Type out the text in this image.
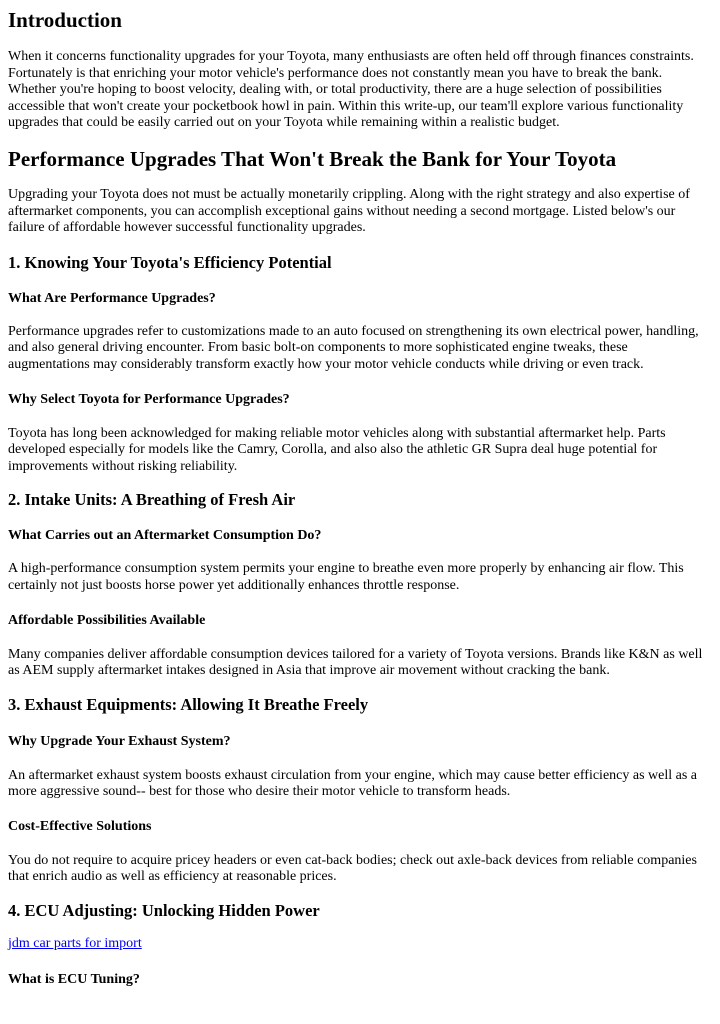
Introduction

When it concerns functionality upgrades for your Toyota, many enthusiasts are often held off through finances constraints. Fortunately is that enriching your motor vehicle's performance does not constantly mean you have to break the bank. Whether you're hoping to boost velocity, dealing with, or total productivity, there are a huge selection of possibilities accessible that won't create your pocketbook howl in pain. Within this write-up, our team'll explore various functionality upgrades that could be easily carried out on your Toyota while remaining within a realistic budget.

Performance Upgrades That Won't Break the Bank for Your Toyota

Upgrading your Toyota does not must be actually monetarily crippling. Along with the right strategy and also expertise of aftermarket components, you can accomplish exceptional gains without needing a second mortgage. Listed below's our failure of affordable however successful functionality upgrades.

1. Knowing Your Toyota's Efficiency Potential
What Are Performance Upgrades?

Performance upgrades refer to customizations made to an auto focused on strengthening its own electrical power, handling, and also general driving encounter. From basic bolt-on components to more sophisticated engine tweaks, these augmentations may considerably transform exactly how your motor vehicle conducts while driving or even track.

Why Select Toyota for Performance Upgrades?

Toyota has long been acknowledged for making reliable motor vehicles along with substantial aftermarket help. Parts developed especially for models like the Camry, Corolla, and also also the athletic GR Supra deal huge potential for improvements without risking reliability.

2. Intake Units: A Breathing of Fresh Air
What Carries out an Aftermarket Consumption Do?

A high-performance consumption system permits your engine to breathe even more properly by enhancing air flow. This certainly not just boosts horse power yet additionally enhances throttle response.

Affordable Possibilities Available

Many companies deliver affordable consumption devices tailored for a variety of Toyota versions. Brands like K&N as well as AEM supply aftermarket intakes designed in Asia that improve air movement without cracking the bank.

3. Exhaust Equipments: Allowing It Breathe Freely
Why Upgrade Your Exhaust System?

An aftermarket exhaust system boosts exhaust circulation from your engine, which may cause better efficiency as well as a more aggressive sound-- best for those who desire their motor vehicle to transform heads.

Cost-Effective Solutions

You do not require to acquire pricey headers or even cat-back bodies; check out axle-back devices from reliable companies that enrich audio as well as efficiency at reasonable prices.

4. ECU Adjusting: Unlocking Hidden Power

jdm car parts for import

What is ECU Tuning?
